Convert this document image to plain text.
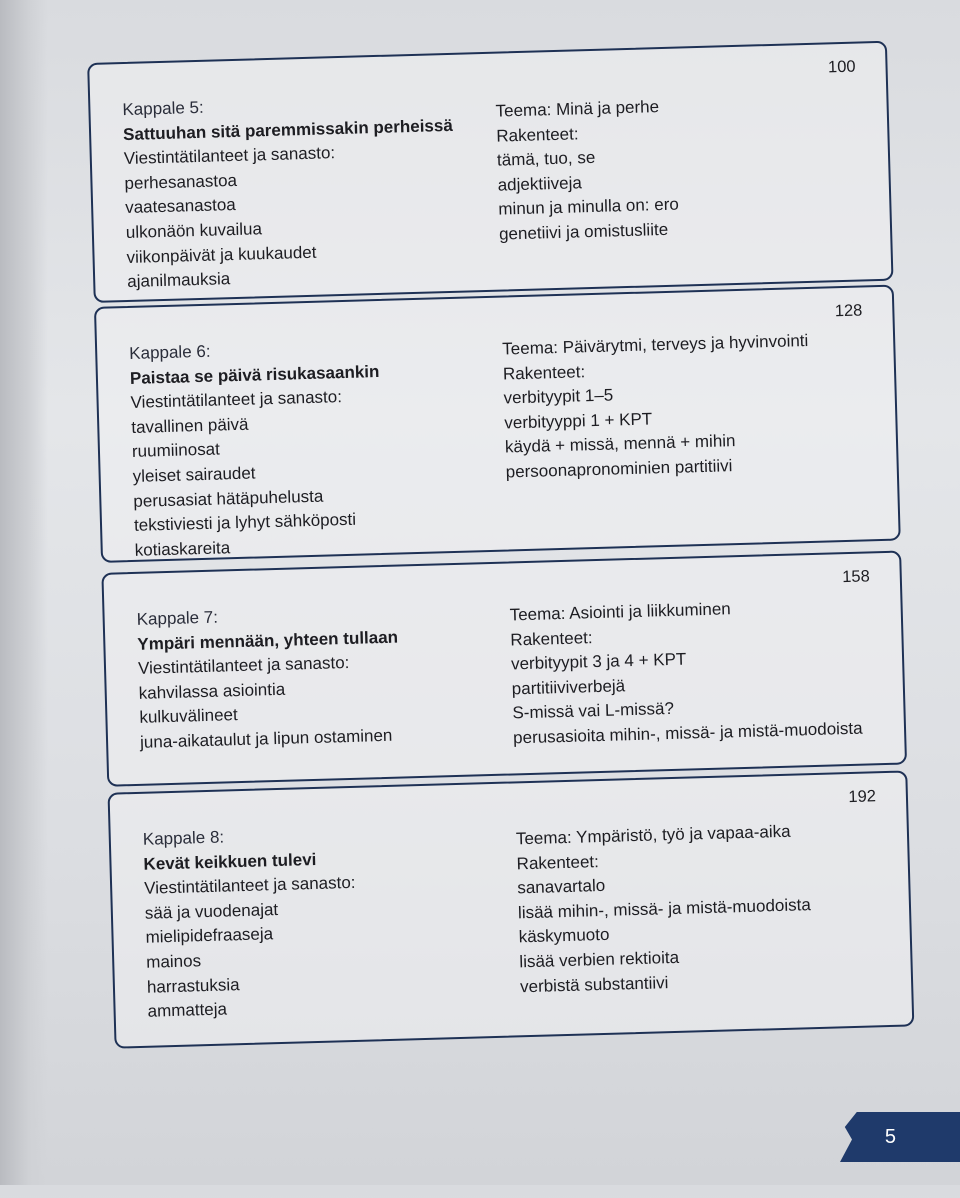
100
Kappale 5:
Sattuuhan sitä paremmissakin perheissä
Viestintätilanteet ja sanasto:
perhesanastoa
vaatesanastoa
ulkonäön kuvailua
viikonpäivät ja kuukaudet
ajanilmauksia
Teema: Minä ja perhe
Rakenteet:
tämä, tuo, se
adjektiiveja
minun ja minulla on: ero
genetiivi ja omistusliite
128
Kappale 6:
Paistaa se päivä risukasaankin
Viestintätilanteet ja sanasto:
tavallinen päivä
ruumiinosat
yleiset sairaudet
perusasiat hätäpuhelusta
tekstiviesti ja lyhyt sähköposti
kotiaskareita
Teema: Päivärytmi, terveys ja hyvinvointi
Rakenteet:
verbityypit 1–5
verbityyppi 1 + KPT
käydä + missä, mennä + mihin
persoonapronominien partitiivi
158
Kappale 7:
Ympäri mennään, yhteen tullaan
Viestintätilanteet ja sanasto:
kahvilassa asiointia
kulkuvälineet
juna-aikataulut ja lipun ostaminen
Teema: Asiointi ja liikkuminen
Rakenteet:
verbityypit 3 ja 4 + KPT
partitiiviverbejä
S-missä vai L-missä?
perusasioita mihin-, missä- ja mistä-muodoista
192
Kappale 8:
Kevät keikkuen tulevi
Viestintätilanteet ja sanasto:
sää ja vuodenajat
mielipidefraaseja
mainos
harrastuksia
ammatteja
Teema: Ympäristö, työ ja vapaa-aika
Rakenteet:
sanavartalo
lisää mihin-, missä- ja mistä-muodoista
käskymuoto
lisää verbien rektioita
verbistä substantiivi
5
